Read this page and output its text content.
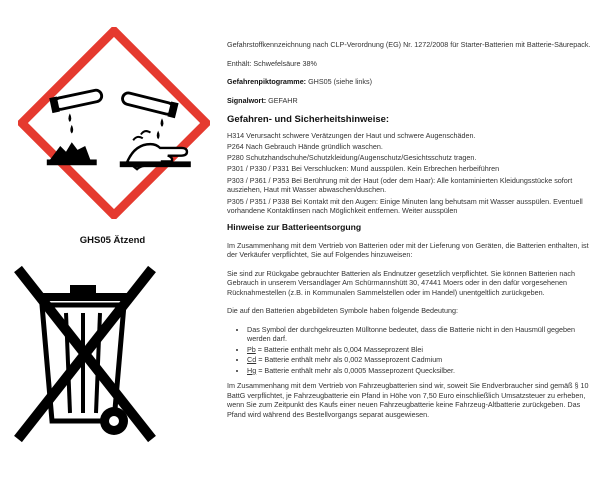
GHS05 Ätzend

Gefahrstoffkennzeichnung nach CLP-Verordnung (EG) Nr. 1272/2008 für Starter-Batterien mit Batterie-Säurepack.

Enthält: Schwefelsäure 38%

Gefahrenpiktogramme: GHS05 (siehe links)

Signalwort: GEFAHR

Gefahren- und Sicherheitshinweise:

H314 Verursacht schwere Verätzungen der Haut und schwere Augenschäden.

P264 Nach Gebrauch Hände gründlich waschen.

P280 Schutzhandschuhe/Schutzkleidung/Augenschutz/Gesichtsschutz tragen.

P301 / P330 / P331 Bei Verschlucken: Mund ausspülen. Kein Erbrechen herbeiführen

P303 / P361 / P353 Bei Berührung mit der Haut (oder dem Haar): Alle kontaminierten Kleidungsstücke sofort ausziehen, Haut mit Wasser abwaschen/duschen.

P305 / P351 / P338 Bei Kontakt mit den Augen: Einige Minuten lang behutsam mit Wasser ausspülen. Eventuell vorhandene Kontaktlinsen nach Möglichkeit entfernen. Weiter ausspülen

Hinweise zur Batterieentsorgung

Im Zusammenhang mit dem Vertrieb von Batterien oder mit der Lieferung von Geräten, die Batterien enthalten, ist der Verkäufer verpflichtet, Sie auf Folgendes hinzuweisen:

Sie sind zur Rückgabe gebrauchter Batterien als Endnutzer gesetzlich verpflichtet. Sie können Batterien nach Gebrauch in unserem Versandlager Am Schürmannshütt 30, 47441 Moers oder in den dafür vorgesehenen Rücknahmestellen (z.B. in Kommunalen Sammelstellen oder im Handel) unentgeltlich zurückgeben.

Die auf den Batterien abgebildeten Symbole haben folgende Bedeutung:

• Das Symbol der durchgekreuzten Mülltonne bedeutet, dass die Batterie nicht in den Hausmüll gegeben werden darf.
• Pb = Batterie enthält mehr als 0,004 Masseprozent Blei
• Cd = Batterie enthält mehr als 0,002 Masseprozent Cadmium
• Hg = Batterie enthält mehr als 0,0005 Masseprozent Quecksilber.

Im Zusammenhang mit dem Vertrieb von Fahrzeugbatterien sind wir, soweit Sie Endverbraucher sind gemäß § 10 BattG verpflichtet, je Fahrzeugbatterie ein Pfand in Höhe von 7,50 Euro einschließlich Umsatzsteuer zu erheben, wenn Sie zum Zeitpunkt des Kaufs einer neuen Fahrzeugbatterie keine Fahrzeug-Altbatterie zurückgeben. Das Pfand wird während des Bestellvorgangs separat ausgewiesen.
